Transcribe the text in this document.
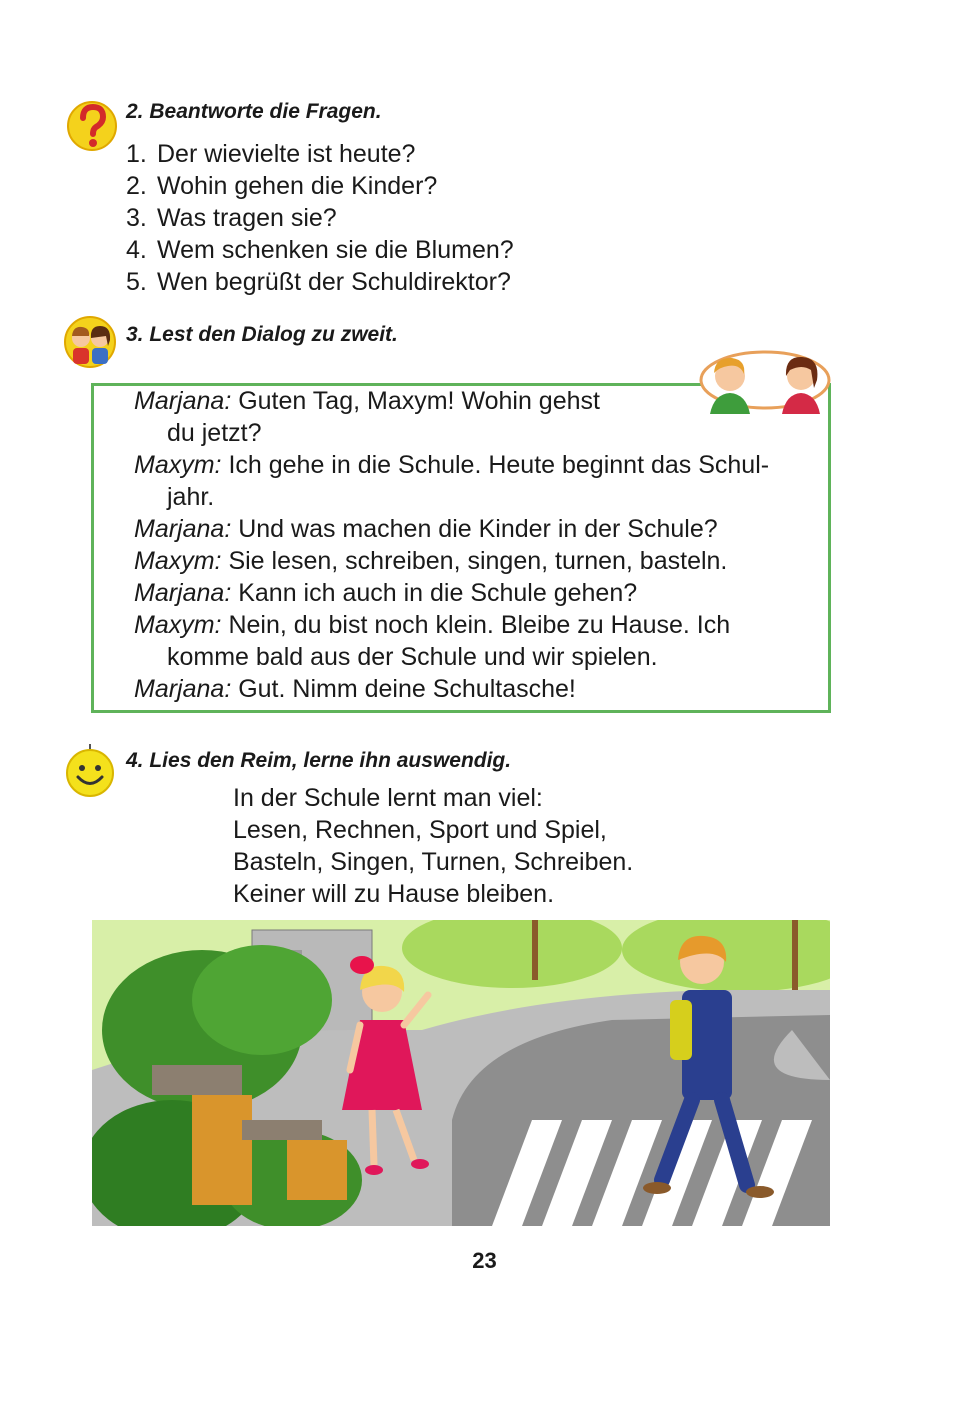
2. Beantworte die Fragen.
1. Der wievielte ist heute?
2. Wohin gehen die Kinder?
3. Was tragen sie?
4. Wem schenken sie die Blumen?
5. Wen begrüßt der Schuldirektor?
3. Lest den Dialog zu zweit.
Marjana: Guten Tag, Maxym! Wohin gehst
du jetzt?
Maxym: Ich gehe in die Schule. Heute beginnt das Schul-
jahr.
Marjana: Und was machen die Kinder in der Schule?
Maxym: Sie lesen, schreiben, singen, turnen, basteln.
Marjana: Kann ich auch in die Schule gehen?
Maxym: Nein, du bist noch klein. Bleibe zu Hause. Ich
komme bald aus der Schule und wir spielen.
Marjana: Gut. Nimm deine Schultasche!
4. Lies den Reim, lerne ihn auswendig.
In der Schule lernt man viel:
Lesen, Rechnen, Sport und Spiel,
Basteln, Singen, Turnen, Schreiben.
Keiner will zu Hause bleiben.
23
